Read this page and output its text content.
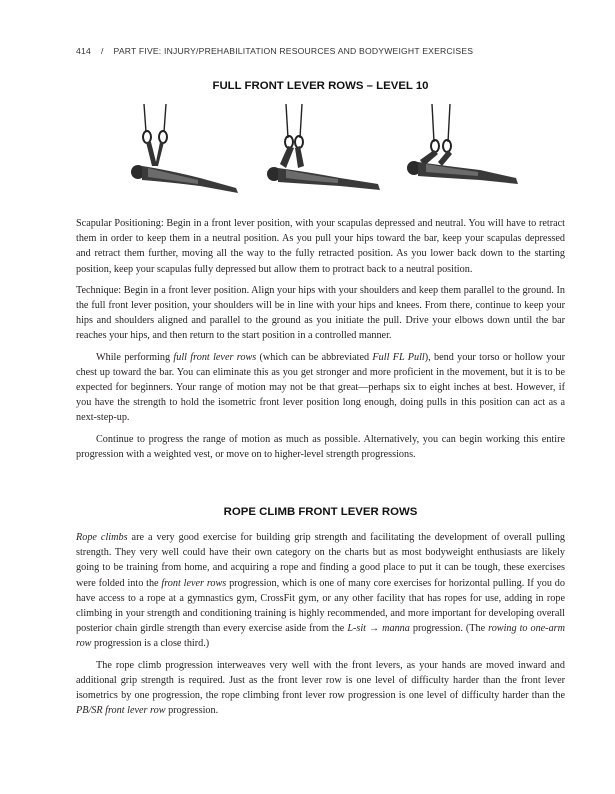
414 / PART FIVE: INJURY/PREHABILITATION RESOURCES AND BODYWEIGHT EXERCISES
FULL FRONT LEVER ROWS – LEVEL 10

Scapular Positioning: Begin in a front lever position, with your scapulas depressed and neutral. You will have to retract them in order to keep them in a neutral position. As you pull your hips toward the bar, keep your scapulas depressed and retract them further, moving all the way to the fully retracted position. As you lower back down to the starting position, keep your scapulas fully depressed but allow them to protract back to a neutral position.

Technique: Begin in a front lever position. Align your hips with your shoulders and keep them parallel to the ground. In the full front lever position, your shoulders will be in line with your hips and knees. From there, continue to keep your hips and shoulders aligned and parallel to the ground as you initiate the pull. Drive your elbows down until the bar reaches your hips, and then return to the start position in a controlled manner.

While performing full front lever rows (which can be abbreviated Full FL Pull), bend your torso or hollow your chest up toward the bar. You can eliminate this as you get stronger and more proficient in the movement, but it is to be expected for beginners. Your range of motion may not be that great—perhaps six to eight inches at best. However, if you have the strength to hold the isometric front lever position long enough, doing pulls in this position can act as a next-step-up.

Continue to progress the range of motion as much as possible. Alternatively, you can begin working this entire progression with a weighted vest, or move on to higher-level strength progressions.

ROPE CLIMB FRONT LEVER ROWS

Rope climbs are a very good exercise for building grip strength and facilitating the development of overall pulling strength. They very well could have their own category on the charts but as most bodyweight enthusiasts are likely going to be training from home, and acquiring a rope and finding a good place to put it can be tough, these exercises were folded into the front lever rows progression, which is one of many core exercises for horizontal pulling. If you do have access to a rope at a gymnastics gym, CrossFit gym, or any other facility that has ropes for use, adding in rope climbing in your strength and conditioning training is highly recommended, and more important for developing overall posterior chain girdle strength than every exercise aside from the L-sit → manna progression. (The rowing to one-arm row progression is a close third.)

The rope climb progression interweaves very well with the front levers, as your hands are moved inward and additional grip strength is required. Just as the front lever row is one level of difficulty harder than the front lever isometrics by one progression, the rope climbing front lever row progression is one level of difficulty harder than the PB/SR front lever row progression.
